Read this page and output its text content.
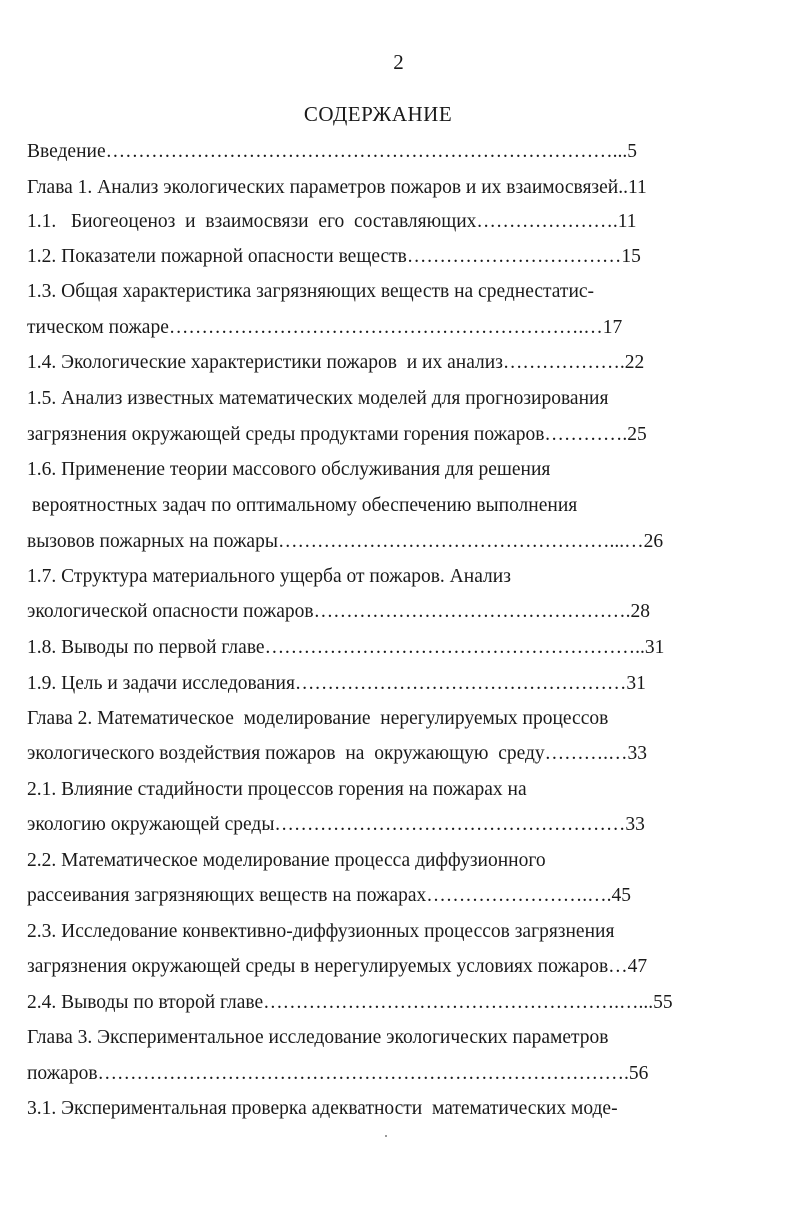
2
СОДЕРЖАНИЕ
Введение……………………………………………………………………...5
Глава 1. Анализ экологических параметров пожаров и их взаимосвязей..11
1.1.   Биогеоценоз  и  взаимосвязи  его  составляющих………………….11
1.2. Показатели пожарной опасности веществ……………………………15
1.3. Общая характеристика загрязняющих веществ на среднестатис-
тическом пожаре……………………………………………………….…17
1.4. Экологические характеристики пожаров  и их анализ……………….22
1.5. Анализ известных математических моделей для прогнозирования
загрязнения окружающей среды продуктами горения пожаров………….25
1.6. Применение теории массового обслуживания для решения
вероятностных задач по оптимальному обеспечению выполнения
вызовов пожарных на пожары……………………………………………...…26
1.7. Структура материального ущерба от пожаров. Анализ
экологической опасности пожаров………………………………………….28
1.8. Выводы по первой главе…………………………………………………..31
1.9. Цель и задачи исследования……………………………………………31
Глава 2. Математическое  моделирование  нерегулируемых процессов
экологического воздействия пожаров  на  окружающую  среду……….…33
2.1. Влияние стадийности процессов горения на пожарах на
экологию окружающей среды………………………………………………33
2.2. Математическое моделирование процесса диффузионного
рассеивания загрязняющих веществ на пожарах…………………….….45
2.3. Исследование конвективно-диффузионных процессов загрязнения
загрязнения окружающей среды в нерегулируемых условиях пожаров…47
2.4. Выводы по второй главе……………………………………………….…...55
Глава 3. Экспериментальное исследование экологических параметров
пожаров……………………………………………………………………….56
3.1. Экспериментальная проверка адекватности  математических моде-
